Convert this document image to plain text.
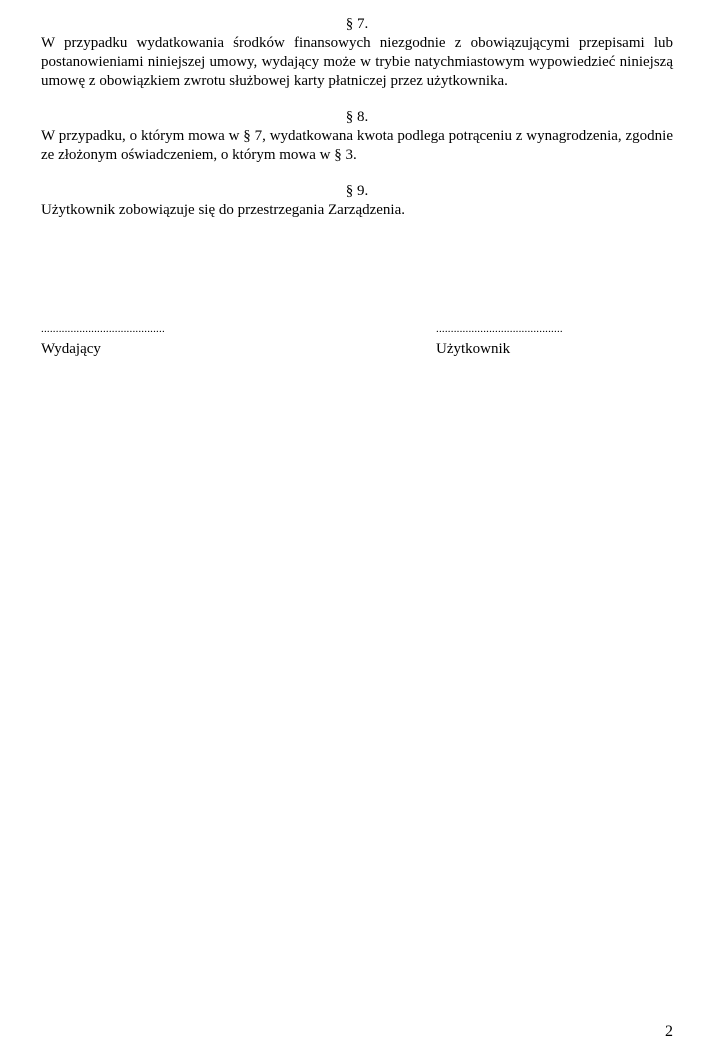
§ 7.

W przypadku wydatkowania środków finansowych niezgodnie z obowiązującymi przepisami lub postanowieniami niniejszej umowy, wydający może w trybie natychmiastowym wypowiedzieć niniejszą umowę z obowiązkiem zwrotu służbowej karty płatniczej przez użytkownika.

§ 8.

W przypadku, o którym mowa w § 7, wydatkowana kwota podlega potrąceniu z wynagrodzenia, zgodnie ze złożonym oświadczeniem, o którym mowa w § 3.

§ 9.

Użytkownik zobowiązuje się do przestrzegania Zarządzenia.

..........................................
Wydający
...........................................
Użytkownik
2
